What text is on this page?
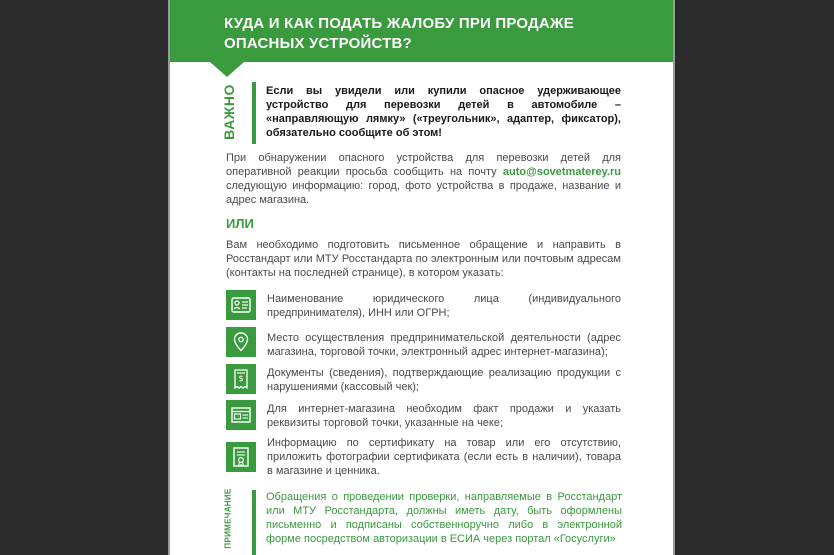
КУДА И КАК ПОДАТЬ ЖАЛОБУ ПРИ ПРОДАЖЕ ОПАСНЫХ УСТРОЙСТВ?
ВАЖНО	Если вы увидели или купили опасное удерживающее устройство для перевозки детей в автомобиле – «направляющую лямку» («треугольник», адаптер, фиксатор), обязательно сообщите об этом!
При обнаружении опасного устройства для перевозки детей для оперативной реакции просьба сообщить на почту auto@sovetmaterey.ru следующую информацию: город, фото устройства в продаже, название и адрес магазина.
ИЛИ
Вам необходимо подготовить письменное обращение и направить в Росстандарт или МТУ Росстандарта по электронным или почтовым адресам (контакты на последней странице), в котором указать:
Наименование юридического лица (индивидуального предпринимателя), ИНН или ОГРН;
Место осуществления предпринимательской деятельности (адрес магазина, торговой точки, электронный адрес интернет-магазина);
$ Документы (сведения), подтверждающие реализацию продукции с нарушениями (кассовый чек);
Для интернет-магазина необходим факт продажи и указать реквизиты торговой точки, указанные на чеке;
Информацию по сертификату на товар или его отсутствию, приложить фотографии сертификата (если есть в наличии), товара в магазине и ценника.
ПРИМЕЧАНИЕ	Обращения о проведении проверки, направляемые в Росстандарт или МТУ Росстандарта, должны иметь дату, быть оформлены письменно и подписаны собственноручно либо в электронной форме посредством авторизации в ЕСИА через портал «Госуслуги»
